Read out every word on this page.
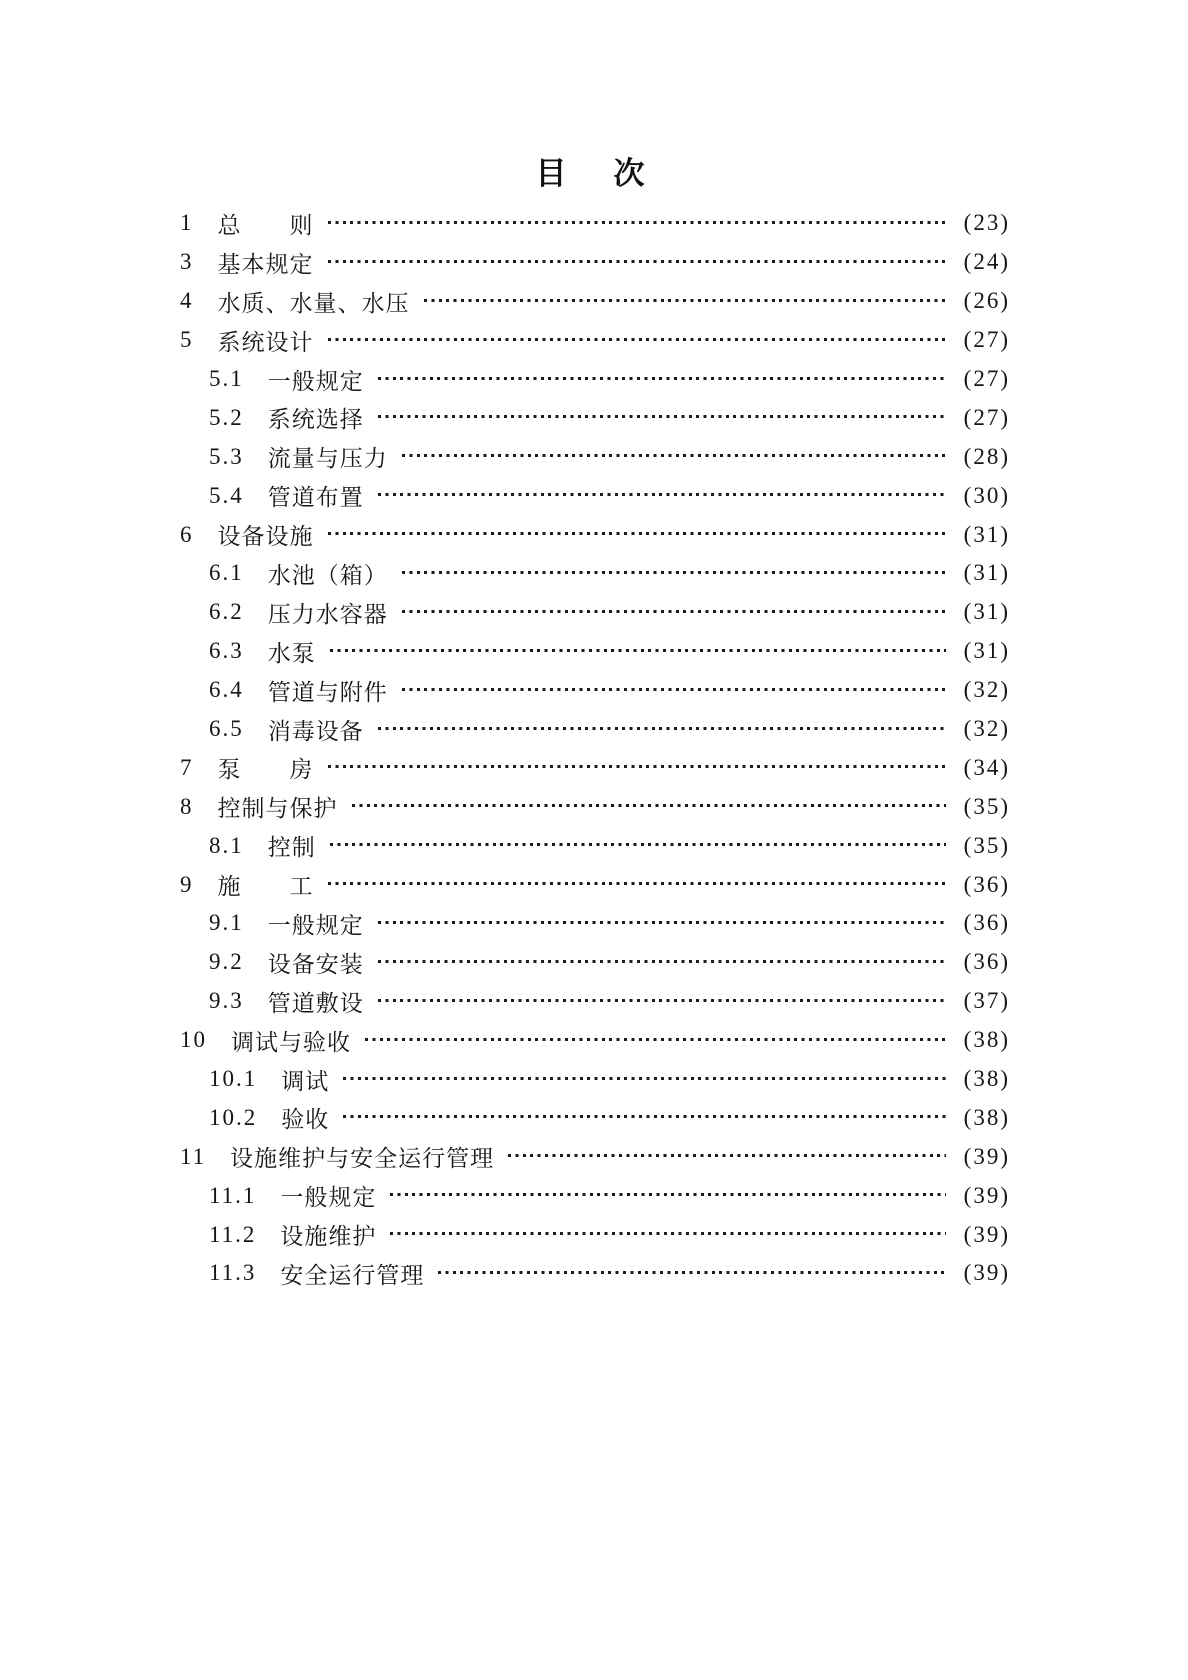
目　次
1 总　　则	(23)
3 基本规定	(24)
4 水质、水量、水压	(26)
5 系统设计	(27)
5.1 一般规定	(27)
5.2 系统选择	(27)
5.3 流量与压力	(28)
5.4 管道布置	(30)
6 设备设施	(31)
6.1 水池（箱）	(31)
6.2 压力水容器	(31)
6.3 水泵	(31)
6.4 管道与附件	(32)
6.5 消毒设备	(32)
7 泵　　房	(34)
8 控制与保护	(35)
8.1 控制	(35)
9 施　　工	(36)
9.1 一般规定	(36)
9.2 设备安装	(36)
9.3 管道敷设	(37)
10 调试与验收	(38)
10.1 调试	(38)
10.2 验收	(38)
11 设施维护与安全运行管理	(39)
11.1 一般规定	(39)
11.2 设施维护	(39)
11.3 安全运行管理	(39)
